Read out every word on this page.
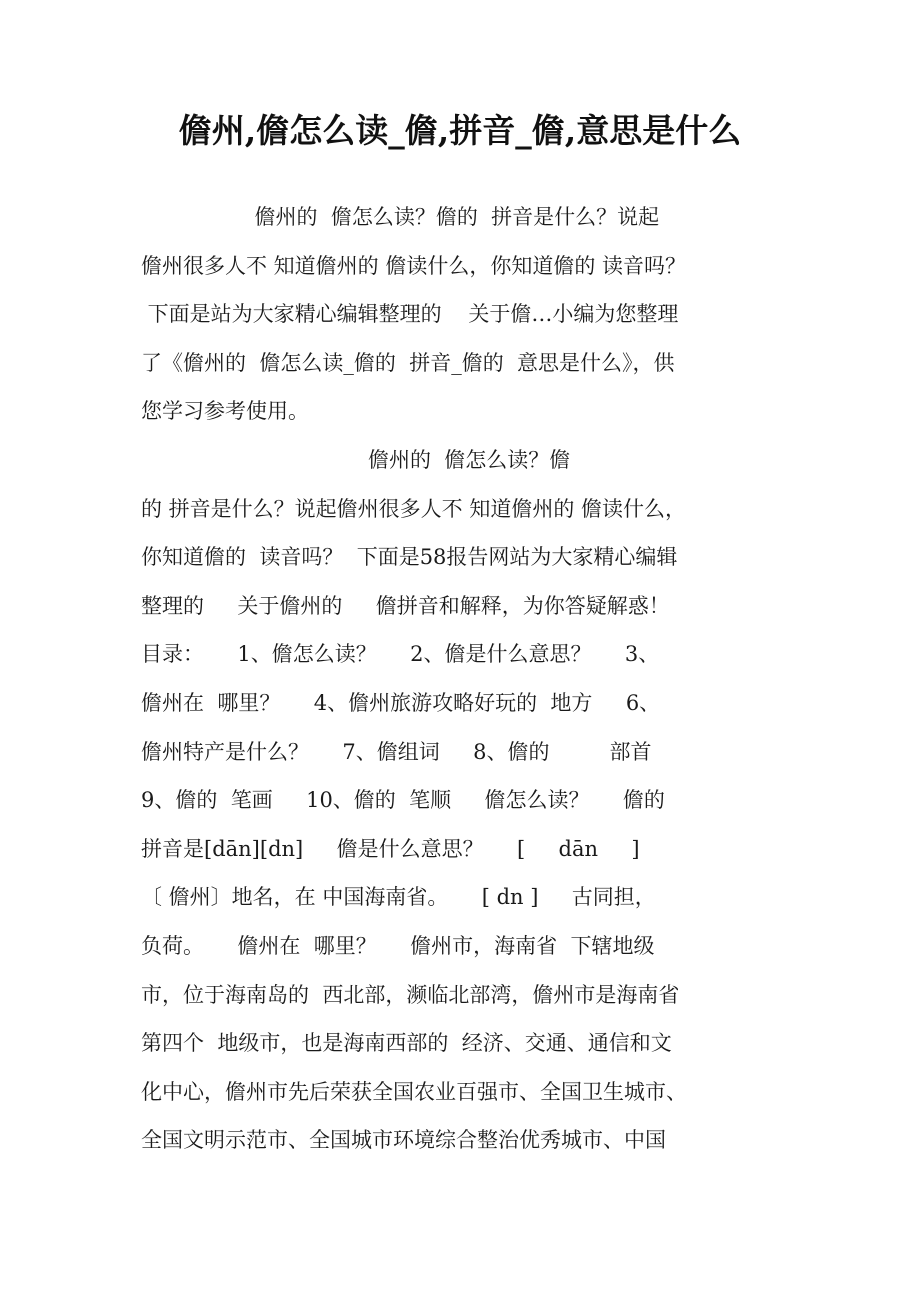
儋州,儋怎么读_儋,拼音_儋,意思是什么
儋州的  儋怎么读？儋的  拼音是什么？说起
儋州很多人不 知道儋州的 儋读什么，你知道儋的 读音吗？
下面是站为大家精心编辑整理的    关于儋…小编为您整理
了《儋州的  儋怎么读_儋的  拼音_儋的  意思是什么》，供
您学习参考使用。
儋州的  儋怎么读？儋
的 拼音是什么？说起儋州很多人不 知道儋州的 儋读什么，
你知道儋的  读音吗？  下面是58报告网站为大家精心编辑
整理的     关于儋州的     儋拼音和解释，为你答疑解惑！
目录：     1、儋怎么读？     2、儋是什么意思？     3、
儋州在  哪里？     4、儋州旅游攻略好玩的  地方     6、
儋州特产是什么？     7、儋组词     8、儋的         部首
9、儋的  笔画     10、儋的  笔顺     儋怎么读？     儋的
拼音是[dān][dn]     儋是什么意思？     [     dān     ]
〔 儋州〕地名，在 中国海南省。     [ dn ]     古同担，
负荷。     儋州在  哪里？     儋州市，海南省  下辖地级
市，位于海南岛的  西北部，濒临北部湾，儋州市是海南省
第四个  地级市，也是海南西部的  经济、交通、通信和文
化中心，儋州市先后荣获全国农业百强市、全国卫生城市、
全国文明示范市、全国城市环境综合整治优秀城市、中国
